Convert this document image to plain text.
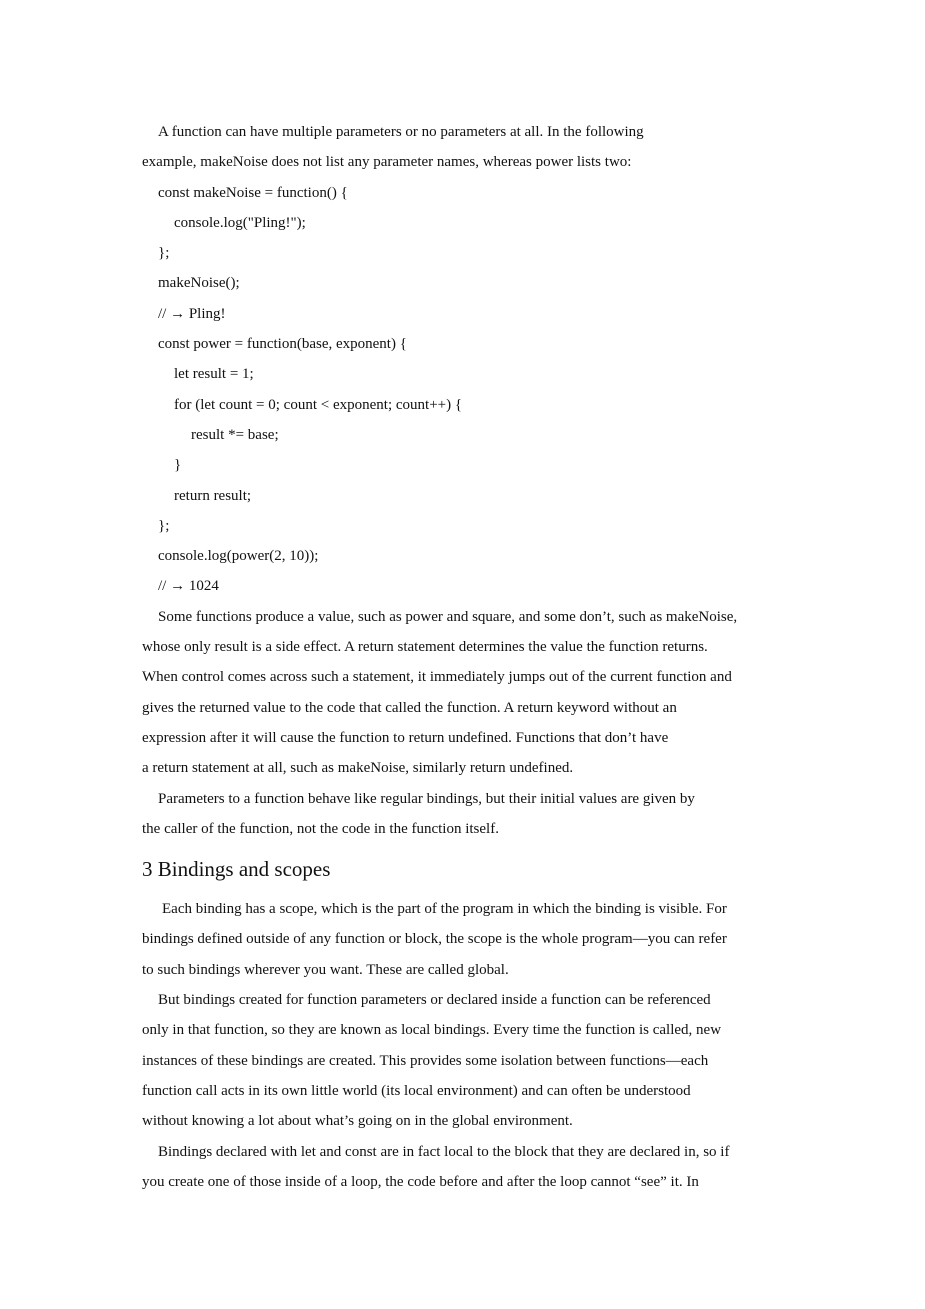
A function can have multiple parameters or no parameters at all. In the following
example, makeNoise does not list any parameter names, whereas power lists two:
const makeNoise = function() {
console.log("Pling!");
};
makeNoise();
// → Pling!
const power = function(base, exponent) {
let result = 1;
for (let count = 0; count < exponent; count++) {
result *= base;
}
return result;
};
console.log(power(2, 10));
// → 1024
Some functions produce a value, such as power and square, and some don’t, such as makeNoise,
whose only result is a side effect. A return statement determines the value the function returns.
When control comes across such a statement, it immediately jumps out of the current function and
gives the returned value to the code that called the function. A return keyword without an
expression after it will cause the function to return undefined. Functions that don’t have
a return statement at all, such as makeNoise, similarly return undefined.
Parameters to a function behave like regular bindings, but their initial values are given by
the caller of the function, not the code in the function itself.
3 Bindings and scopes
Each binding has a scope, which is the part of the program in which the binding is visible. For
bindings defined outside of any function or block, the scope is the whole program—you can refer
to such bindings wherever you want. These are called global.
But bindings created for function parameters or declared inside a function can be referenced
only in that function, so they are known as local bindings. Every time the function is called, new
instances of these bindings are created. This provides some isolation between functions—each
function call acts in its own little world (its local environment) and can often be understood
without knowing a lot about what’s going on in the global environment.
Bindings declared with let and const are in fact local to the block that they are declared in, so if
you create one of those inside of a loop, the code before and after the loop cannot “see” it. In
